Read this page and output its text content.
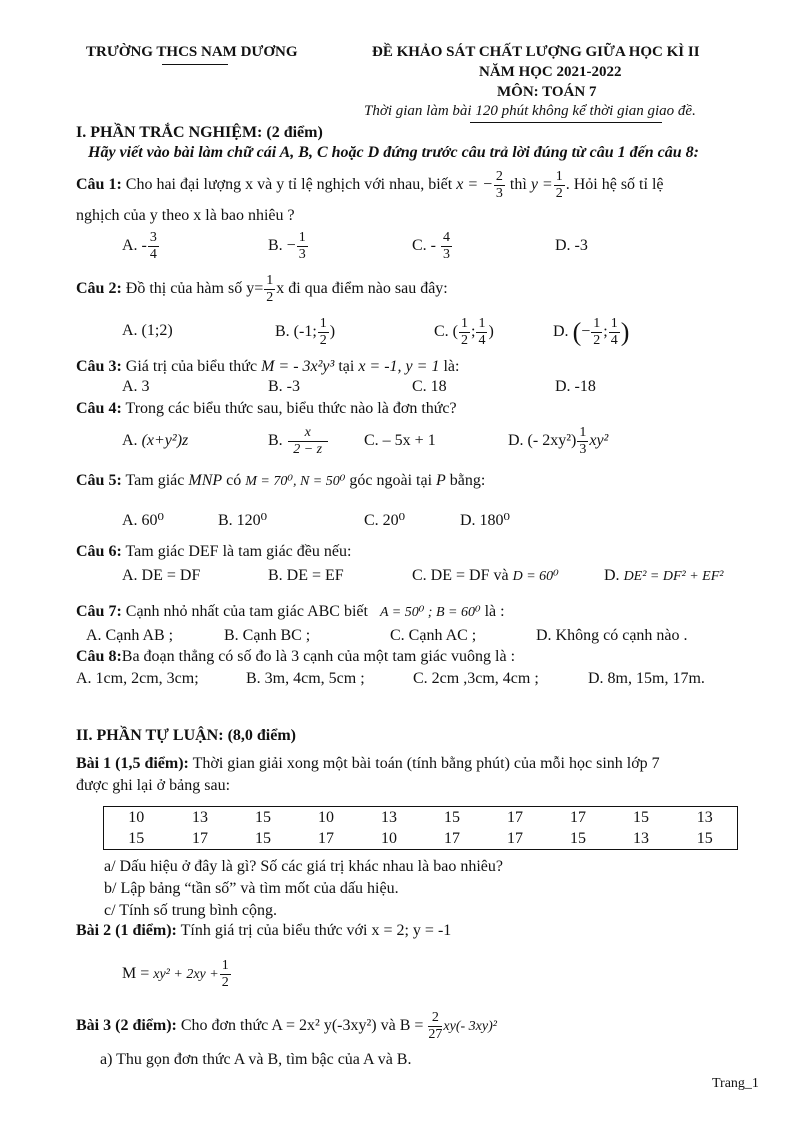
TRƯỜNG THCS NAM DƯƠNG	ĐỀ KHẢO SÁT CHẤT LƯỢNG GIỮA HỌC KÌ II
NĂM HỌC 2021-2022
MÔN: TOÁN 7
Thời gian làm bài 120 phút không kể thời gian giao đề.
I. PHẦN TRẮC NGHIỆM: (2 điểm)
Hãy viết vào bài làm chữ cái A, B, C hoặc D đứng trước câu trả lời đúng từ câu 1 đến câu 8:
Câu 1: Cho hai đại lượng x và y tỉ lệ nghịch với nhau, biết x = − $\frac{2}{3}$ thì $y = \frac{1}{2}$ . Hỏi hệ số tỉ lệ
nghịch của y theo x là bao nhiêu ?
A. - $\frac{3}{4}$	B. − $\frac{1}{3}$	C. - $\frac{4}{3}$	D. -3
Câu 2: Đồ thị của hàm số $y= \frac{1}{2}$ x đi qua điểm nào sau đây:
A. (1;2)	B. (-1; $\frac{1}{2}$ )	C. ( $\frac{1}{2}$ ; $\frac{1}{4}$ )	D. (− $\frac{1}{2}$ ; $\frac{1}{4}$ )
Câu 3: Giá trị của biểu thức M = - 3x²y³ tại x = -1, y = 1 là:
A. 3	B. -3	C. 18	D. -18
Câu 4: Trong các biểu thức sau, biểu thức nào là đơn thức?
A. (x+y²)z	B. $\frac{x}{2 - z} C$. – 5x + 1	D. (- $2xy^2) \frac{1}{3} xy^2$
Câu 5: Tam giác MNP có M = 70⁰, N = 50⁰ góc ngoài tại P bằng:
A. 60⁰	B. 120⁰	C. 20⁰	D. 180⁰
Câu 6: Tam giác DEF là tam giác đều nếu:
A. DE = DF	B. DE = EF	C. DE = DF và D = 60⁰	D. DE² = DF² + EF²
Câu 7: Cạnh nhỏ nhất của tam giác ABC biết A = 50⁰ ; B = 60⁰ là :
A. Cạnh AB ;	B. Cạnh BC ;	C. Cạnh AC ;	D. Không có cạnh nào .
Câu 8:Ba đoạn thẳng có số đo là 3 cạnh của một tam giác vuông là :
A. 1cm, 2cm, 3cm;	B. 3m, 4cm, 5cm ;	C. 2cm ,3cm, 4cm ;	D. 8m, 15m, 17m.
II. PHẦN TỰ LUẬN: (8,0 điểm)
Bài 1 (1,5 điểm): Thời gian giải xong một bài toán (tính bằng phút) của mỗi học sinh lớp 7
được ghi lại ở bảng sau:
10	13	15	10	13	15	17	17	15	13
15	17	15	17	10	17	17	15	13	15
a/ Dấu hiệu ở đây là gì? Số các giá trị khác nhau là bao nhiêu?
b/ Lập bảng “tần số” và tìm mốt của dấu hiệu.
c/ Tính số trung bình cộng.
Bài 2 (1 điểm): Tính giá trị của biểu thức với x = 2; y = -1
$M = xy^2 + 2xy + \frac{1}{2}$
Bài 3 (2 điểm): Cho đơn thức A = 2x² y(-3xy²) và $B = \frac{2}{27} xy(-$ 3xy)²
a) Thu gọn đơn thức A và B, tìm bậc của A và B.
Trang_1
